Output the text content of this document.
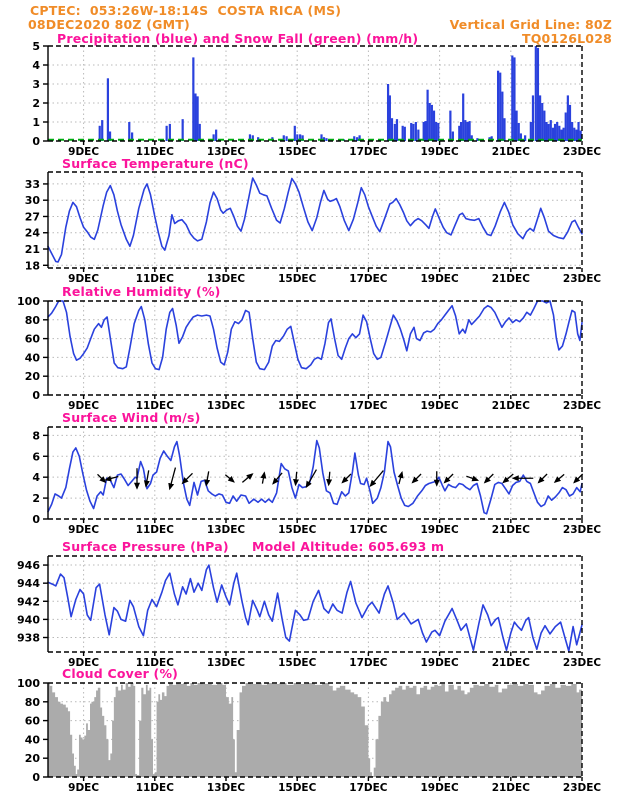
CPTEC:  053:26W-18:14S  COSTA RICA (MS)
08DEC2020 80Z (GMT)	Vertical Grid Line: 80Z
TQ0126L028
Precipitation (blue) and Snow Fall (green) (mm/h)
Surface Temperature (nC)
Relative Humidity (%)
Surface Wind (m/s)
Surface Pressure (hPa) Model Altitude: 605.693 m
Cloud Cover (%)
0
1
2
3
4
5
9DEC	11DEC	13DEC	15DEC	17DEC	19DEC	21DEC	23DEC
18
21
24
27
30
33
9DEC	11DEC	13DEC	15DEC	17DEC	19DEC	21DEC	23DEC
0
20
40
60
80
100
9DEC	11DEC	13DEC	15DEC	17DEC	19DEC	21DEC	23DEC
0
2
4
6
8
9DEC	11DEC	13DEC	15DEC	17DEC	19DEC	21DEC	23DEC
938
940
942
944
946
9DEC	11DEC	13DEC	15DEC	17DEC	19DEC	21DEC	23DEC
0
20
40
60
80
100
9DEC	11DEC	13DEC	15DEC	17DEC	19DEC	21DEC	23DEC
